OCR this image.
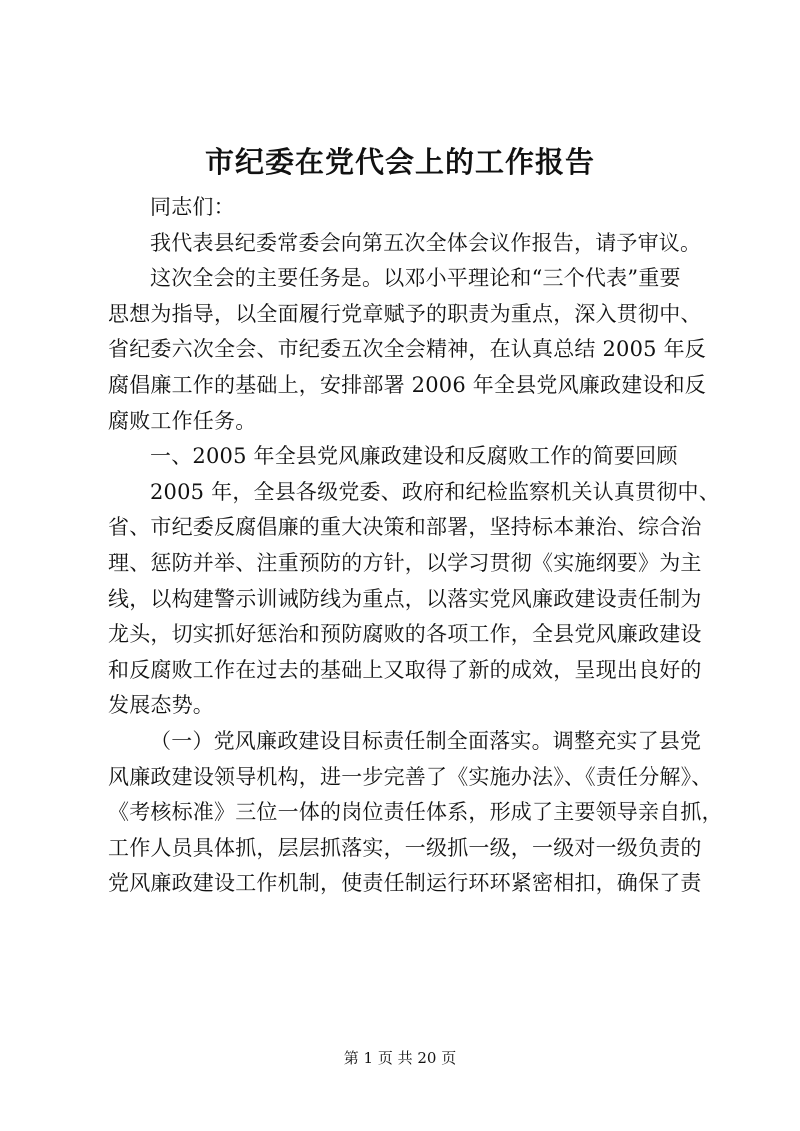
市纪委在党代会上的工作报告
同志们：
我代表县纪委常委会向第五次全体会议作报告，请予审议。
这次全会的主要任务是。以邓小平理论和“三个代表”重要
思想为指导，以全面履行党章赋予的职责为重点，深入贯彻中、
省纪委六次全会、市纪委五次全会精神，在认真总结 2005 年反
腐倡廉工作的基础上，安排部署 2006 年全县党风廉政建设和反
腐败工作任务。
一、2005 年全县党风廉政建设和反腐败工作的简要回顾
2005 年，全县各级党委、政府和纪检监察机关认真贯彻中、
省、市纪委反腐倡廉的重大决策和部署，坚持标本兼治、综合治
理、惩防并举、注重预防的方针，以学习贯彻《实施纲要》为主
线，以构建警示训诫防线为重点，以落实党风廉政建设责任制为
龙头，切实抓好惩治和预防腐败的各项工作，全县党风廉政建设
和反腐败工作在过去的基础上又取得了新的成效，呈现出良好的
发展态势。
（一）党风廉政建设目标责任制全面落实。调整充实了县党
风廉政建设领导机构，进一步完善了《实施办法》、《责任分解》、
《考核标准》三位一体的岗位责任体系，形成了主要领导亲自抓，
工作人员具体抓，层层抓落实，一级抓一级，一级对一级负责的
党风廉政建设工作机制，使责任制运行环环紧密相扣，确保了责
第 1 页 共 20 页
